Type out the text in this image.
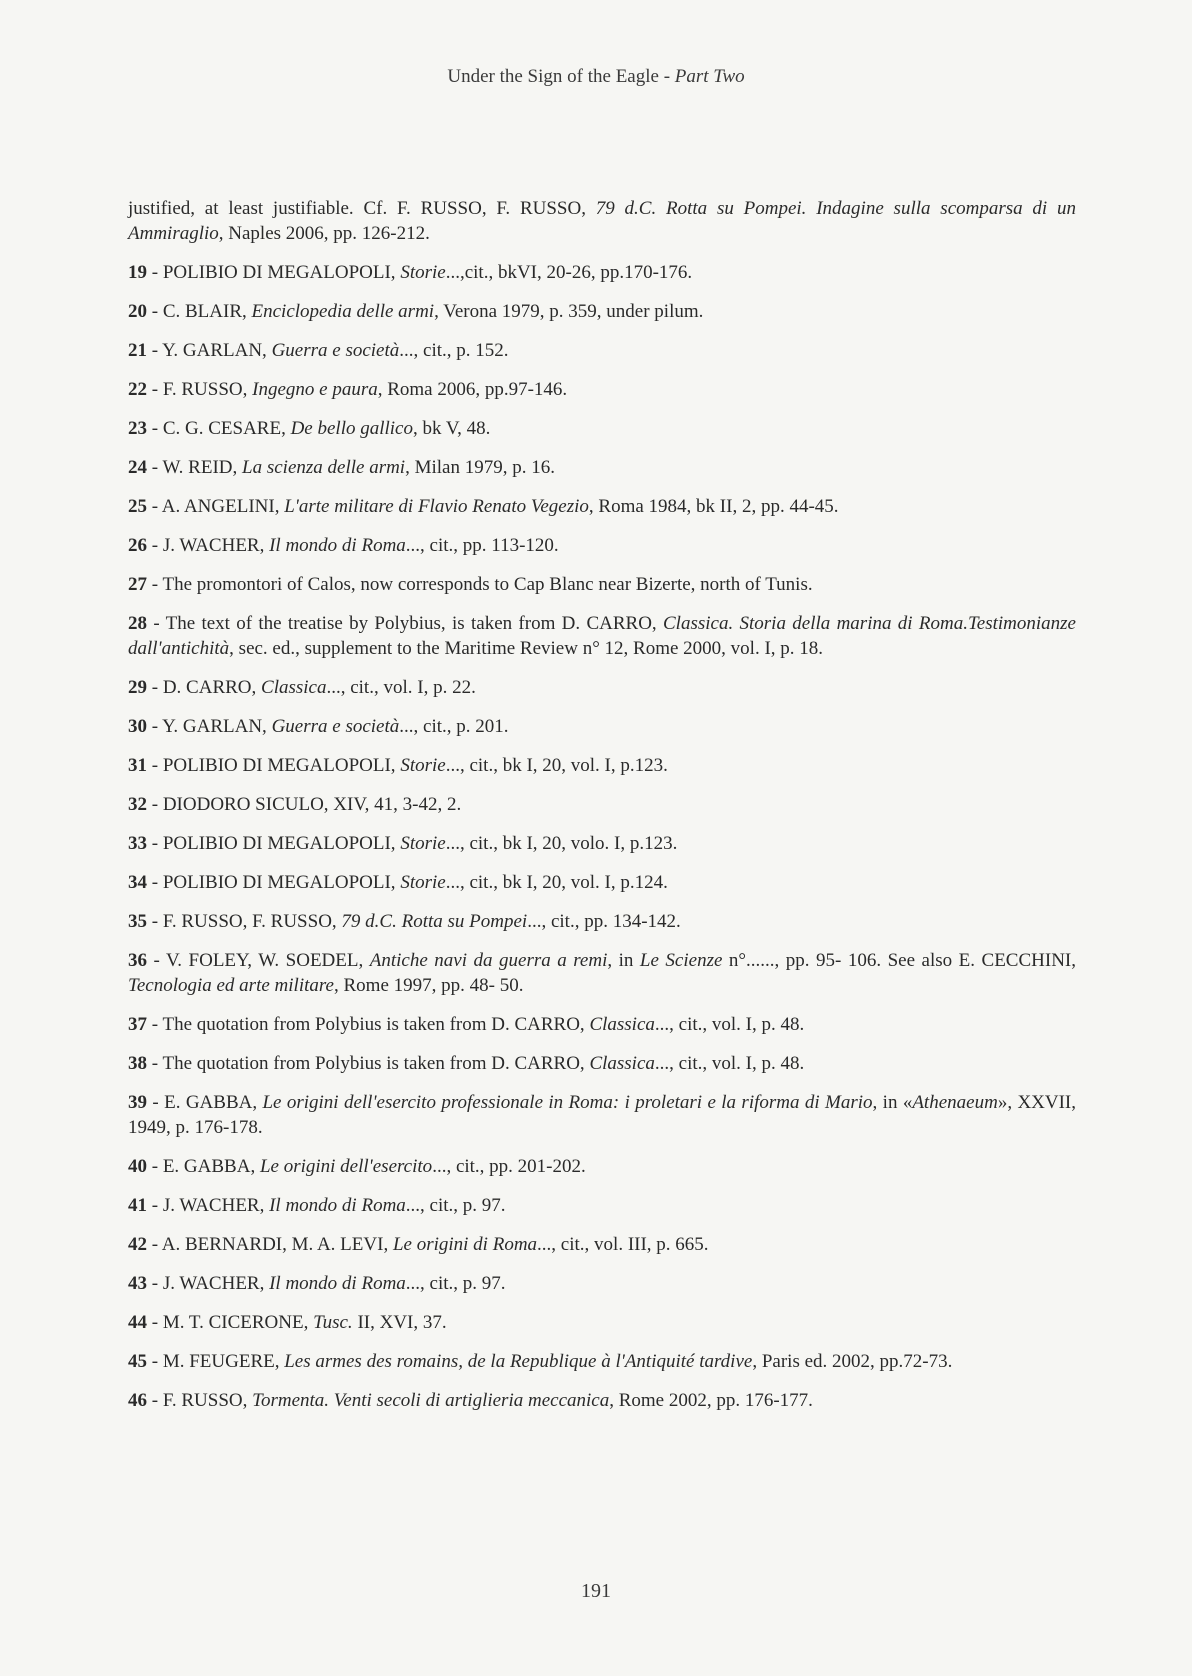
Under the Sign of the Eagle - Part Two

justified, at least justifiable. Cf. F. RUSSO, F. RUSSO, 79 d.C. Rotta su Pompei. Indagine sulla scomparsa di un Ammiraglio, Naples 2006, pp. 126-212.

19 - POLIBIO DI MEGALOPOLI, Storie...,cit., bkVI, 20-26, pp.170-176.

20 - C. BLAIR, Enciclopedia delle armi, Verona 1979, p. 359, under pilum.

21 - Y. GARLAN, Guerra e società..., cit., p. 152.

22 - F. RUSSO, Ingegno e paura, Roma 2006, pp.97-146.

23 - C. G. CESARE, De bello gallico, bk V, 48.

24 - W. REID, La scienza delle armi, Milan 1979, p. 16.

25 - A. ANGELINI, L'arte militare di Flavio Renato Vegezio, Roma 1984, bk II, 2, pp. 44-45.

26 - J. WACHER, Il mondo di Roma..., cit., pp. 113-120.

27 - The promontori of Calos, now corresponds to Cap Blanc near Bizerte, north of Tunis.

28 - The text of the treatise by Polybius, is taken from D. CARRO, Classica. Storia della marina di Roma.Testimonianze dall'antichità, sec. ed., supplement to the Maritime Review n° 12, Rome 2000, vol. I, p. 18.

29 - D. CARRO, Classica..., cit., vol. I, p. 22.

30 - Y. GARLAN, Guerra e società..., cit., p. 201.

31 - POLIBIO DI MEGALOPOLI, Storie..., cit., bk I, 20, vol. I, p.123.

32 - DIODORO SICULO, XIV, 41, 3-42, 2.

33 - POLIBIO DI MEGALOPOLI, Storie..., cit., bk I, 20, volo. I, p.123.

34 - POLIBIO DI MEGALOPOLI, Storie..., cit., bk I, 20, vol. I, p.124.

35 - F. RUSSO, F. RUSSO, 79 d.C. Rotta su Pompei..., cit., pp. 134-142.

36 - V. FOLEY, W. SOEDEL, Antiche navi da guerra a remi, in Le Scienze n°......, pp. 95- 106. See also E. CECCHINI, Tecnologia ed arte militare, Rome 1997, pp. 48- 50.

37 - The quotation from Polybius is taken from D. CARRO, Classica..., cit., vol. I, p. 48.

38 - The quotation from Polybius is taken from D. CARRO, Classica..., cit., vol. I, p. 48.

39 - E. GABBA, Le origini dell'esercito professionale in Roma: i proletari e la riforma di Mario, in «Athenaeum», XXVII, 1949, p. 176-178.

40 - E. GABBA, Le origini dell'esercito..., cit., pp. 201-202.

41 - J. WACHER, Il mondo di Roma..., cit., p. 97.

42 - A. BERNARDI, M. A. LEVI, Le origini di Roma..., cit., vol. III, p. 665.

43 - J. WACHER, Il mondo di Roma..., cit., p. 97.

44 - M. T. CICERONE, Tusc. II, XVI, 37.

45 - M. FEUGERE, Les armes des romains, de la Republique à l'Antiquité tardive, Paris ed. 2002, pp.72-73.

46 - F. RUSSO, Tormenta. Venti secoli di artiglieria meccanica, Rome 2002, pp. 176-177.

191
